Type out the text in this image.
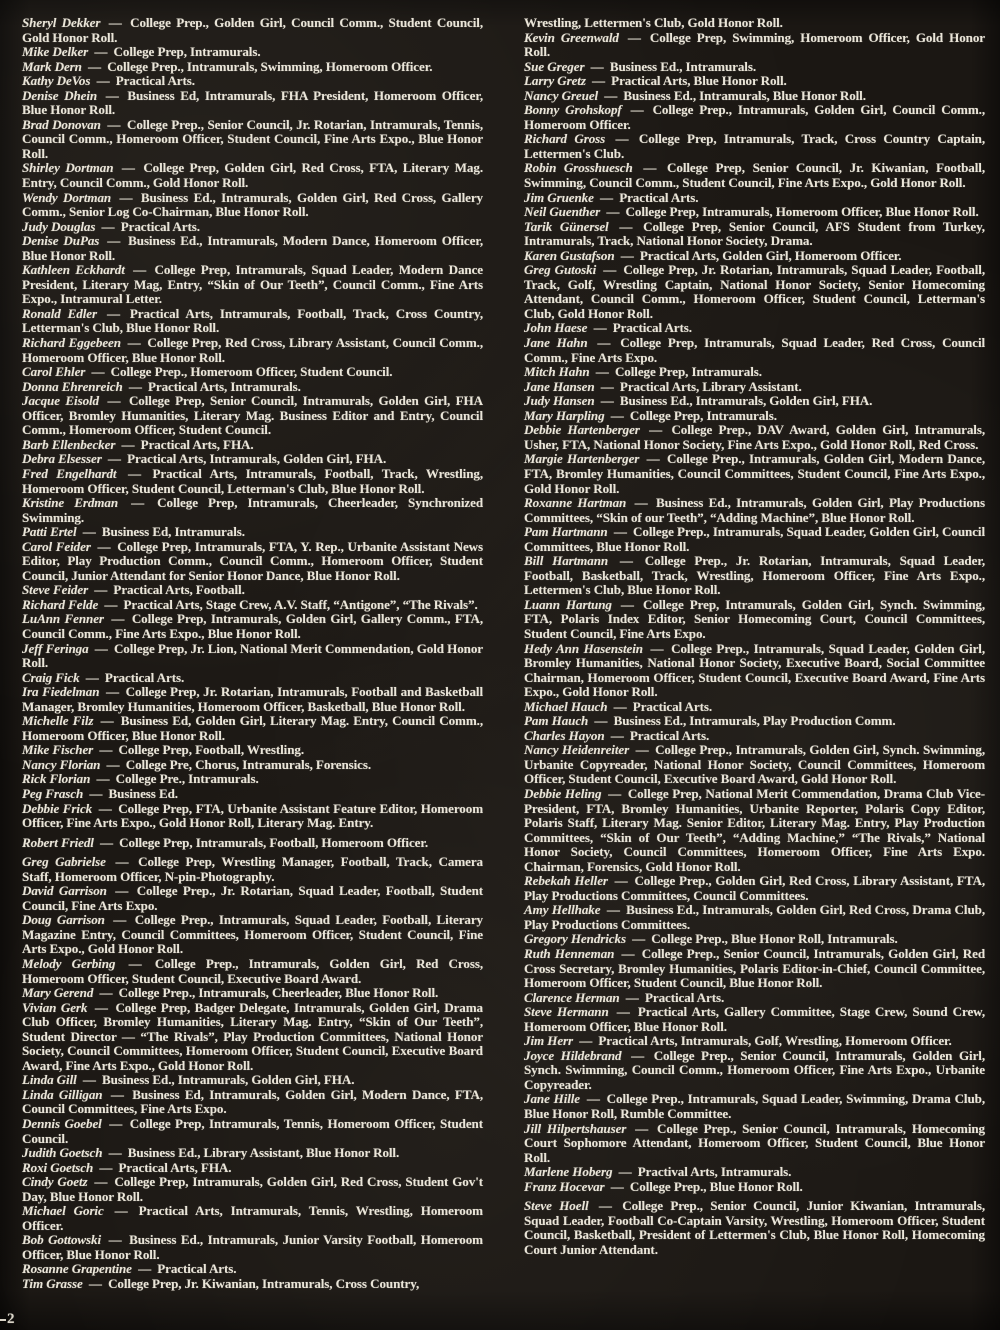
Sheryl Dekker — College Prep., Golden Girl, Council Comm., Student Council, Gold Honor Roll.

Mike Delker — College Prep, Intramurals.

Mark Dern — College Prep., Intramurals, Swimming, Homeroom Officer.

Kathy DeVos — Practical Arts.

Denise Dhein — Business Ed, Intramurals, FHA President, Homeroom Officer, Blue Honor Roll.

Brad Donovan — College Prep., Senior Council, Jr. Rotarian, Intramurals, Tennis, Council Comm., Homeroom Officer, Student Council, Fine Arts Expo., Blue Honor Roll.

Shirley Dortman — College Prep, Golden Girl, Red Cross, FTA, Literary Mag. Entry, Council Comm., Gold Honor Roll.

Wendy Dortman — Business Ed., Intramurals, Golden Girl, Red Cross, Gallery Comm., Senior Log Co-Chairman, Blue Honor Roll.

Judy Douglas — Practical Arts.

Denise DuPas — Business Ed., Intramurals, Modern Dance, Homeroom Officer, Blue Honor Roll.

Kathleen Eckhardt — College Prep, Intramurals, Squad Leader, Modern Dance President, Literary Mag, Entry, “Skin of Our Teeth”, Council Comm., Fine Arts Expo., Intramural Letter.

Ronald Edler — Practical Arts, Intramurals, Football, Track, Cross Country, Letterman's Club, Blue Honor Roll.

Richard Eggebeen — College Prep, Red Cross, Library Assistant, Council Comm., Homeroom Officer, Blue Honor Roll.

Carol Ehler — College Prep., Homeroom Officer, Student Council.

Donna Ehrenreich — Practical Arts, Intramurals.

Jacque Eisold — College Prep, Senior Council, Intramurals, Golden Girl, FHA Officer, Bromley Humanities, Literary Mag. Business Editor and Entry, Council Comm., Homeroom Officer, Student Council.

Barb Ellenbecker — Practical Arts, FHA.

Debra Elsesser — Practical Arts, Intramurals, Golden Girl, FHA.

Fred Engelhardt — Practical Arts, Intramurals, Football, Track, Wrestling, Homeroom Officer, Student Council, Letterman's Club, Blue Honor Roll.

Kristine Erdman — College Prep, Intramurals, Cheerleader, Synchronized Swimming.

Patti Ertel — Business Ed, Intramurals.

Carol Feider — College Prep, Intramurals, FTA, Y. Rep., Urbanite Assistant News Editor, Play Production Comm., Council Comm., Homeroom Officer, Student Council, Junior Attendant for Senior Honor Dance, Blue Honor Roll.

Steve Feider — Practical Arts, Football.

Richard Felde — Practical Arts, Stage Crew, A.V. Staff, “Antigone”, “The Rivals”.

LuAnn Fenner — College Prep, Intramurals, Golden Girl, Gallery Comm., FTA, Council Comm., Fine Arts Expo., Blue Honor Roll.

Jeff Feringa — College Prep, Jr. Lion, National Merit Commendation, Gold Honor Roll.

Craig Fick — Practical Arts.

Ira Fiedelman — College Prep, Jr. Rotarian, Intramurals, Football and Basketball Manager, Bromley Humanities, Homeroom Officer, Basketball, Blue Honor Roll.

Michelle Filz — Business Ed, Golden Girl, Literary Mag. Entry, Council Comm., Homeroom Officer, Blue Honor Roll.

Mike Fischer — College Prep, Football, Wrestling.

Nancy Florian — College Pre, Chorus, Intramurals, Forensics.

Rick Florian — College Pre., Intramurals.

Peg Frasch — Business Ed.

Debbie Frick — College Prep, FTA, Urbanite Assistant Feature Editor, Homeroom Officer, Fine Arts Expo., Gold Honor Roll, Literary Mag. Entry.

Robert Friedl — College Prep, Intramurals, Football, Homeroom Officer.

Greg Gabrielse — College Prep, Wrestling Manager, Football, Track, Camera Staff, Homeroom Officer, N-pin-Photography.

David Garrison — College Prep., Jr. Rotarian, Squad Leader, Football, Student Council, Fine Arts Expo.

Doug Garrison — College Prep., Intramurals, Squad Leader, Football, Literary Magazine Entry, Council Committees, Homeroom Officer, Student Council, Fine Arts Expo., Gold Honor Roll.

Melody Gerbing — College Prep., Intramurals, Golden Girl, Red Cross, Homeroom Officer, Student Council, Executive Board Award.

Mary Gerend — College Prep., Intramurals, Cheerleader, Blue Honor Roll.

Vivian Gerk — College Prep, Badger Delegate, Intramurals, Golden Girl, Drama Club Officer, Bromley Humanities, Literary Mag. Entry, “Skin of Our Teeth”, Student Director — “The Rivals”, Play Production Committees, National Honor Society, Council Committees, Homeroom Officer, Student Council, Executive Board Award, Fine Arts Expo., Gold Honor Roll.

Linda Gill — Business Ed., Intramurals, Golden Girl, FHA.

Linda Gilligan — Business Ed, Intramurals, Golden Girl, Modern Dance, FTA, Council Committees, Fine Arts Expo.

Dennis Goebel — College Prep, Intramurals, Tennis, Homeroom Officer, Student Council.

Judith Goetsch — Business Ed., Library Assistant, Blue Honor Roll.

Roxi Goetsch — Practical Arts, FHA.

Cindy Goetz — College Prep, Intramurals, Golden Girl, Red Cross, Student Gov't Day, Blue Honor Roll.

Michael Goric — Practical Arts, Intramurals, Tennis, Wrestling, Homeroom Officer.

Bob Gottowski — Business Ed., Intramurals, Junior Varsity Football, Homeroom Officer, Blue Honor Roll.

Rosanne Grapentine — Practical Arts.

Tim Grasse — College Prep, Jr. Kiwanian, Intramurals, Cross Country,

Wrestling, Lettermen's Club, Gold Honor Roll.

Kevin Greenwald — College Prep, Swimming, Homeroom Officer, Gold Honor Roll.

Sue Greger — Business Ed., Intramurals.

Larry Gretz — Practical Arts, Blue Honor Roll.

Nancy Greuel — Business Ed., Intramurals, Blue Honor Roll.

Bonny Grohskopf — College Prep., Intramurals, Golden Girl, Council Comm., Homeroom Officer.

Richard Gross — College Prep, Intramurals, Track, Cross Country Captain, Lettermen's Club.

Robin Grosshuesch — College Prep, Senior Council, Jr. Kiwanian, Football, Swimming, Council Comm., Student Council, Fine Arts Expo., Gold Honor Roll.

Jim Gruenke — Practical Arts.

Neil Guenther — College Prep, Intramurals, Homeroom Officer, Blue Honor Roll.

Tarik Günersel — College Prep, Senior Council, AFS Student from Turkey, Intramurals, Track, National Honor Society, Drama.

Karen Gustafson — Practical Arts, Golden Girl, Homeroom Officer.

Greg Gutoski — College Prep, Jr. Rotarian, Intramurals, Squad Leader, Football, Track, Golf, Wrestling Captain, National Honor Society, Senior Homecoming Attendant, Council Comm., Homeroom Officer, Student Council, Letterman's Club, Gold Honor Roll.

John Haese — Practical Arts.

Jane Hahn — College Prep, Intramurals, Squad Leader, Red Cross, Council Comm., Fine Arts Expo.

Mitch Hahn — College Prep, Intramurals.

Jane Hansen — Practical Arts, Library Assistant.

Judy Hansen — Business Ed., Intramurals, Golden Girl, FHA.

Mary Harpling — College Prep, Intramurals.

Debbie Hartenberger — College Prep., DAV Award, Golden Girl, Intramurals, Usher, FTA, National Honor Society, Fine Arts Expo., Gold Honor Roll, Red Cross.

Margie Hartenberger — College Prep., Intramurals, Golden Girl, Modern Dance, FTA, Bromley Humanities, Council Committees, Student Council, Fine Arts Expo., Gold Honor Roll.

Roxanne Hartman — Business Ed., Intramurals, Golden Girl, Play Productions Committees, “Skin of our Teeth”, “Adding Machine”, Blue Honor Roll.

Pam Hartmann — College Prep., Intramurals, Squad Leader, Golden Girl, Council Committees, Blue Honor Roll.

Bill Hartmann — College Prep., Jr. Rotarian, Intramurals, Squad Leader, Football, Basketball, Track, Wrestling, Homeroom Officer, Fine Arts Expo., Lettermen's Club, Blue Honor Roll.

Luann Hartung — College Prep, Intramurals, Golden Girl, Synch. Swimming, FTA, Polaris Index Editor, Senior Homecoming Court, Council Committees, Student Council, Fine Arts Expo.

Hedy Ann Hasenstein — College Prep., Intramurals, Squad Leader, Golden Girl, Bromley Humanities, National Honor Society, Executive Board, Social Committee Chairman, Homeroom Officer, Student Council, Executive Board Award, Fine Arts Expo., Gold Honor Roll.

Michael Hauch — Practical Arts.

Pam Hauch — Business Ed., Intramurals, Play Production Comm.

Charles Hayon — Practical Arts.

Nancy Heidenreiter — College Prep., Intramurals, Golden Girl, Synch. Swimming, Urbanite Copyreader, National Honor Society, Council Committees, Homeroom Officer, Student Council, Executive Board Award, Gold Honor Roll.

Debbie Heling — College Prep, National Merit Commendation, Drama Club Vice-President, FTA, Bromley Humanities, Urbanite Reporter, Polaris Copy Editor, Polaris Staff, Literary Mag. Senior Editor, Literary Mag. Entry, Play Production Committees, “Skin of Our Teeth”, “Adding Machine,” “The Rivals,” National Honor Society, Council Committees, Homeroom Officer, Fine Arts Expo. Chairman, Forensics, Gold Honor Roll.

Rebekah Heller — College Prep., Golden Girl, Red Cross, Library Assistant, FTA, Play Productions Committees, Council Committees.

Amy Hellhake — Business Ed., Intramurals, Golden Girl, Red Cross, Drama Club, Play Productions Committees.

Gregory Hendricks — College Prep., Blue Honor Roll, Intramurals.

Ruth Henneman — College Prep., Senior Council, Intramurals, Golden Girl, Red Cross Secretary, Bromley Humanities, Polaris Editor-in-Chief, Council Committee, Homeroom Officer, Student Council, Blue Honor Roll.

Clarence Herman — Practical Arts.

Steve Hermann — Practical Arts, Gallery Committee, Stage Crew, Sound Crew, Homeroom Officer, Blue Honor Roll.

Jim Herr — Practical Arts, Intramurals, Golf, Wrestling, Homeroom Officer.

Joyce Hildebrand — College Prep., Senior Council, Intramurals, Golden Girl, Synch. Swimming, Council Comm., Homeroom Officer, Fine Arts Expo., Urbanite Copyreader.

Jane Hille — College Prep., Intramurals, Squad Leader, Swimming, Drama Club, Blue Honor Roll, Rumble Committee.

Jill Hilpertshauser — College Prep., Senior Council, Intramurals, Homecoming Court Sophomore Attendant, Homeroom Officer, Student Council, Blue Honor Roll.

Marlene Hoberg — Practival Arts, Intramurals.

Franz Hocevar — College Prep., Blue Honor Roll.

Steve Hoell — College Prep., Senior Council, Junior Kiwanian, Intramurals, Squad Leader, Football Co-Captain Varsity, Wrestling, Homeroom Officer, Student Council, Basketball, President of Lettermen's Club, Blue Honor Roll, Homecoming Court Junior Attendant.

2
